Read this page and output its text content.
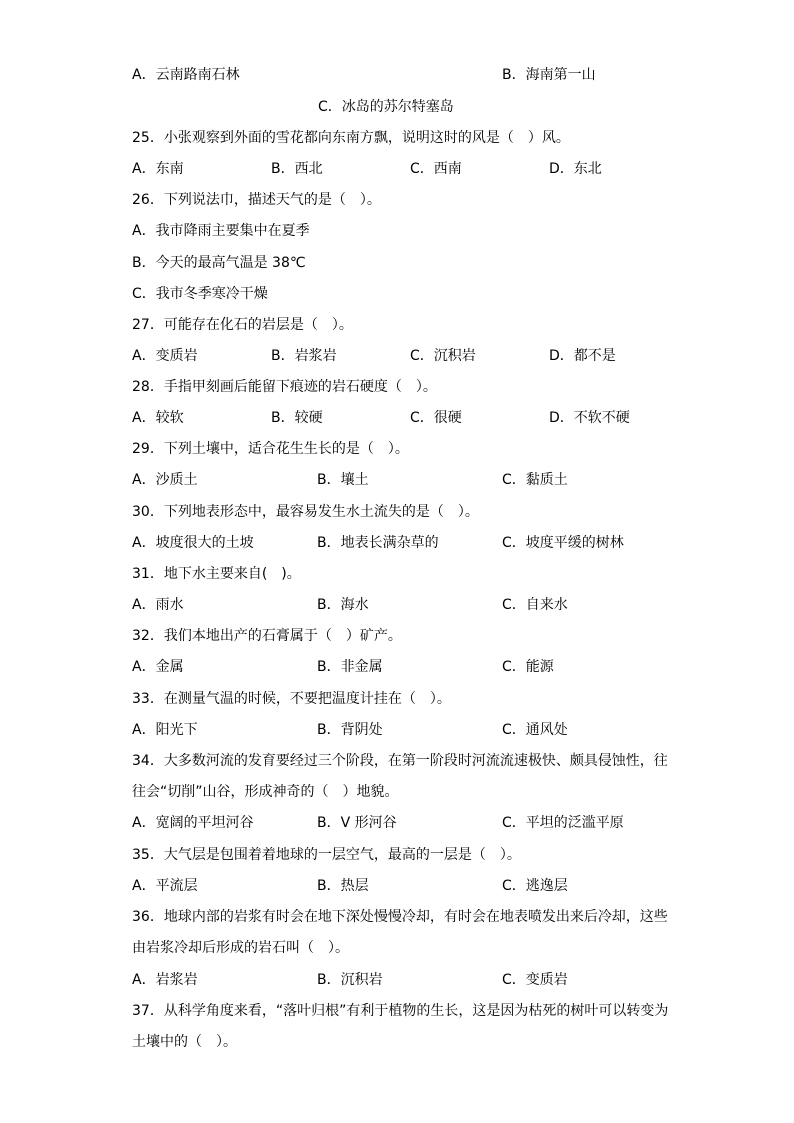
A．云南路南石林	B．海南第一山
C．冰岛的苏尔特塞岛
25．小张观察到外面的雪花都向东南方飘，说明这时的风是（　）风。
A．东南	B．西北	C．西南	D．东北
26．下列说法巾，描述天气的是（　）。
A．我市降雨主要集中在夏季
B．今天的最高气温是 38℃
C．我市冬季寒冷干燥
27．可能存在化石的岩层是（　）。
A．变质岩	B．岩浆岩	C．沉积岩	D．都不是
28．手指甲刻画后能留下痕迹的岩石硬度（　）。
A．较软	B．较硬	C．很硬	D．不软不硬
29．下列土壤中，适合花生生长的是（　）。
A．沙质土	B．壤土	C．黏质土
30．下列地表形态中，最容易发生水土流失的是（　）。
A．坡度很大的土坡	B．地表长满杂草的	C．坡度平缓的树林
31．地下水主要来自(　)。
A．雨水	B．海水	C．自来水
32．我们本地出产的石膏属于（　）矿产。
A．金属	B．非金属	C．能源
33．在测量气温的时候，不要把温度计挂在（　）。
A．阳光下	B．背阴处	C．通风处
34．大多数河流的发育要经过三个阶段，在第一阶段时河流流速极快、颇具侵蚀性，往
往会“切削”山谷，形成神奇的（　）地貌。
A．宽阔的平坦河谷	B．V 形河谷	C．平坦的泛滥平原
35．大气层是包围着着地球的一层空气，最高的一层是（　）。
A．平流层	B．热层	C．逃逸层
36．地球内部的岩浆有时会在地下深处慢慢冷却，有时会在地表喷发出来后冷却，这些
由岩浆冷却后形成的岩石叫（　）。
A．岩浆岩	B．沉积岩	C．变质岩
37．从科学角度来看，“落叶归根”有利于植物的生长，这是因为枯死的树叶可以转变为
土壤中的（　）。
